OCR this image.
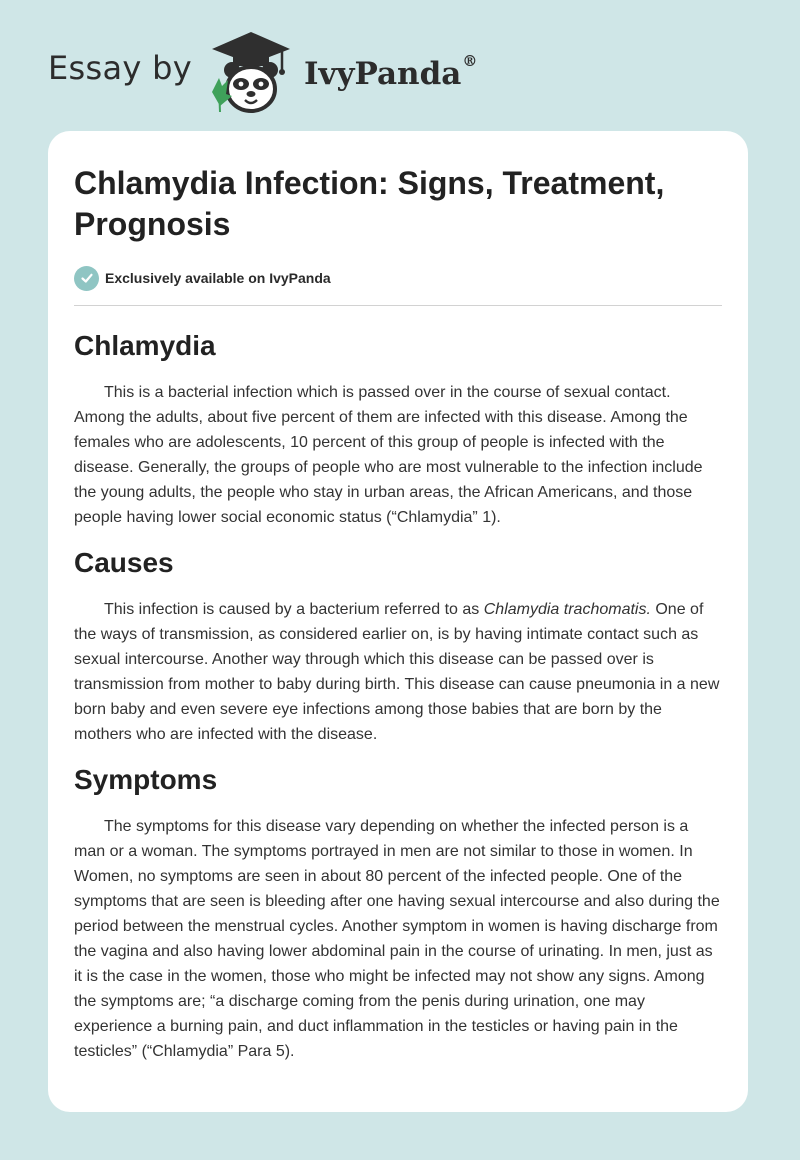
Essay by	IvyPanda®
Chlamydia Infection: Signs, Treatment, Prognosis
Exclusively available on IvyPanda
Chlamydia

This is a bacterial infection which is passed over in the course of sexual contact. Among the adults, about five percent of them are infected with this disease. Among the females who are adolescents, 10 percent of this group of people is infected with the disease. Generally, the groups of people who are most vulnerable to the infection include the young adults, the people who stay in urban areas, the African Americans, and those people having lower social economic status (“Chlamydia” 1).

Causes

This infection is caused by a bacterium referred to as Chlamydia trachomatis. One of the ways of transmission, as considered earlier on, is by having intimate contact such as sexual intercourse. Another way through which this disease can be passed over is transmission from mother to baby during birth. This disease can cause pneumonia in a new born baby and even severe eye infections among those babies that are born by the mothers who are infected with the disease.

Symptoms

The symptoms for this disease vary depending on whether the infected person is a man or a woman. The symptoms portrayed in men are not similar to those in women. In Women, no symptoms are seen in about 80 percent of the infected people. One of the symptoms that are seen is bleeding after one having sexual intercourse and also during the period between the menstrual cycles. Another symptom in women is having discharge from the vagina and also having lower abdominal pain in the course of urinating. In men, just as it is the case in the women, those who might be infected may not show any signs. Among the symptoms are; “a discharge coming from the penis during urination, one may experience a burning pain, and duct inflammation in the testicles or having pain in the testicles” (“Chlamydia” Para 5).
